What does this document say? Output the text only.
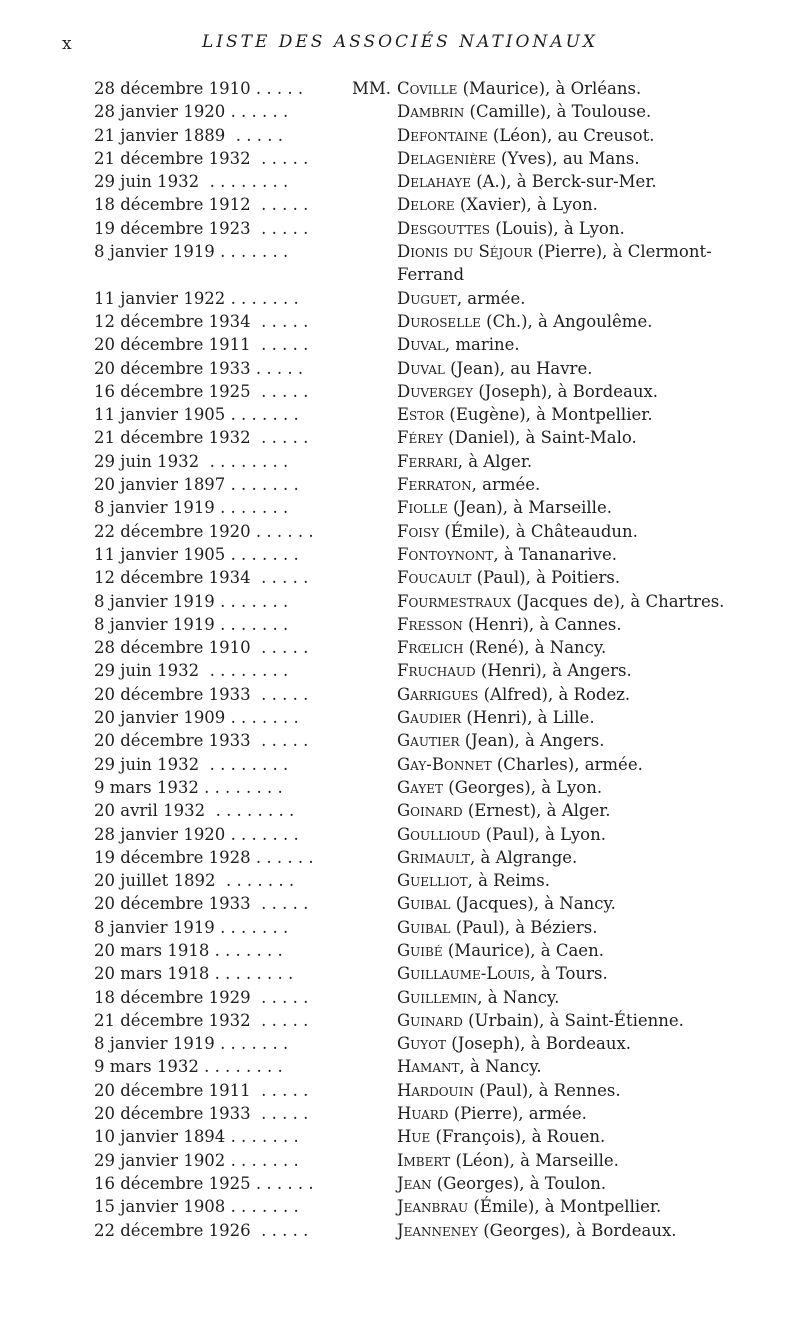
x	LISTE DES ASSOCIÉS NATIONAUX
28 décembre 1910 . . . . .	MM. Coville (Maurice), à Orléans.
28 janvier 1920 . . . . . .	Dambrin (Camille), à Toulouse.
21 janvier 1889  . . . . .	Defontaine (Léon), au Creusot.
21 décembre 1932  . . . . .	Delagenière (Yves), au Mans.
29 juin 1932  . . . . . . . .	Delahaye (A.), à Berck-sur-Mer.
18 décembre 1912  . . . . .	Delore (Xavier), à Lyon.
19 décembre 1923  . . . . .	Desgouttes (Louis), à Lyon.
8 janvier 1919 . . . . . . .	Dionis du Séjour (Pierre), à Clermont-

Ferrand
11 janvier 1922 . . . . . . .	Duguet, armée.
12 décembre 1934  . . . . .	Duroselle (Ch.), à Angoulême.
20 décembre 1911  . . . . .	Duval, marine.
20 décembre 1933 . . . . .	Duval (Jean), au Havre.
16 décembre 1925  . . . . .	Duvergey (Joseph), à Bordeaux.
11 janvier 1905 . . . . . . .	Estor (Eugène), à Montpellier.
21 décembre 1932  . . . . .	Férey (Daniel), à Saint-Malo.
29 juin 1932  . . . . . . . .	Ferrari, à Alger.
20 janvier 1897 . . . . . . .	Ferraton, armée.
8 janvier 1919 . . . . . . .	Fiolle (Jean), à Marseille.
22 décembre 1920 . . . . . .	Foisy (Émile), à Châteaudun.
11 janvier 1905 . . . . . . .	Fontoynont, à Tananarive.
12 décembre 1934  . . . . .	Foucault (Paul), à Poitiers.
8 janvier 1919 . . . . . . .	Fourmestraux (Jacques de), à Chartres.
8 janvier 1919 . . . . . . .	Fresson (Henri), à Cannes.
28 décembre 1910  . . . . .	Frœlich (René), à Nancy.
29 juin 1932  . . . . . . . .	Fruchaud (Henri), à Angers.
20 décembre 1933  . . . . .	Garrigues (Alfred), à Rodez.
20 janvier 1909 . . . . . . .	Gaudier (Henri), à Lille.
20 décembre 1933  . . . . .	Gautier (Jean), à Angers.
29 juin 1932  . . . . . . . .	Gay-Bonnet (Charles), armée.
9 mars 1932 . . . . . . . .	Gayet (Georges), à Lyon.
20 avril 1932  . . . . . . . .	Goinard (Ernest), à Alger.
28 janvier 1920 . . . . . . .	Goullioud (Paul), à Lyon.
19 décembre 1928 . . . . . .	Grimault, à Algrange.
20 juillet 1892  . . . . . . .	Guelliot, à Reims.
20 décembre 1933  . . . . .	Guibal (Jacques), à Nancy.
8 janvier 1919 . . . . . . .	Guibal (Paul), à Béziers.
20 mars 1918 . . . . . . .	Guibé (Maurice), à Caen.
20 mars 1918 . . . . . . . .	Guillaume-Louis, à Tours.
18 décembre 1929  . . . . .	Guillemin, à Nancy.
21 décembre 1932  . . . . .	Guinard (Urbain), à Saint-Étienne.
8 janvier 1919 . . . . . . .	Guyot (Joseph), à Bordeaux.
9 mars 1932 . . . . . . . .	Hamant, à Nancy.
20 décembre 1911  . . . . .	Hardouin (Paul), à Rennes.
20 décembre 1933  . . . . .	Huard (Pierre), armée.
10 janvier 1894 . . . . . . .	Hue (François), à Rouen.
29 janvier 1902 . . . . . . .	Imbert (Léon), à Marseille.
16 décembre 1925 . . . . . .	Jean (Georges), à Toulon.
15 janvier 1908 . . . . . . .	Jeanbrau (Émile), à Montpellier.
22 décembre 1926  . . . . .	Jeanneney (Georges), à Bordeaux.
